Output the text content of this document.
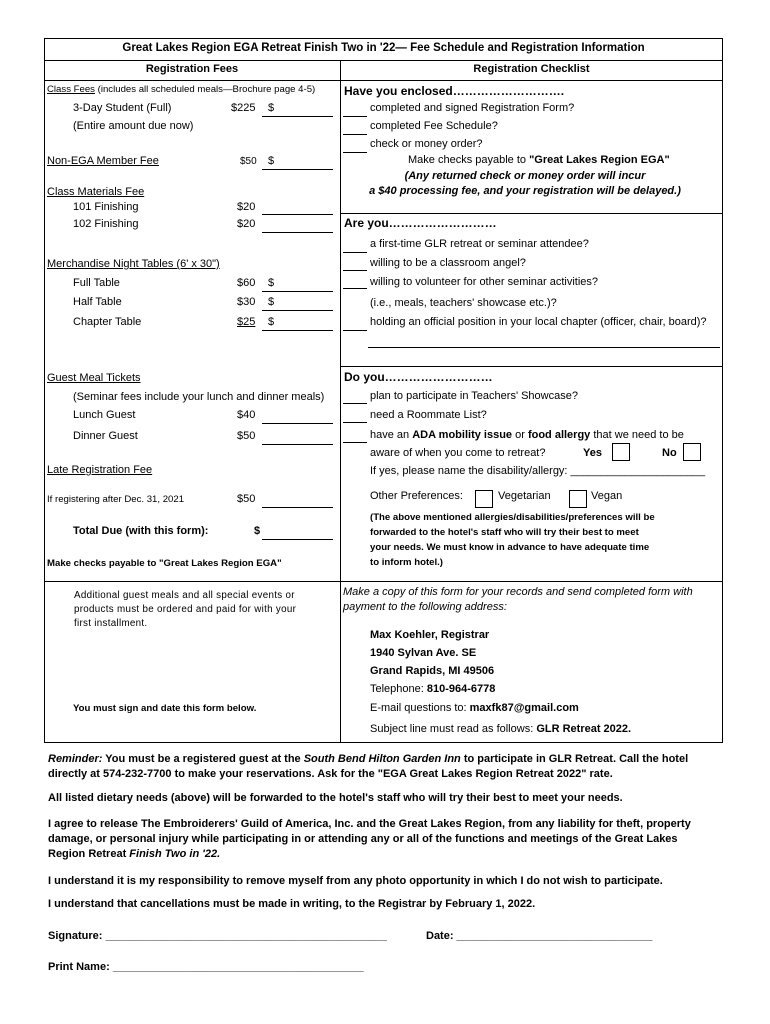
Great Lakes Region EGA Retreat Finish Two in '22— Fee Schedule and Registration Information
Registration Fees	Registration Checklist
Class Fees (includes all scheduled meals—Brochure page 4-5)
3-Day Student (Full)	$225 $
(Entire amount due now)
Non-EGA Member Fee	$50 $
Class Materials Fee
101 Finishing	$20
102 Finishing	$20
Merchandise Night Tables (6' x 30")
Full Table	$60 $
Half Table	$30 $
Chapter Table	$25 $
Guest Meal Tickets
(Seminar fees include your lunch and dinner meals)
Lunch Guest	$40
Dinner Guest	$50
Late Registration Fee
If registering after Dec. 31, 2021	$50
Total Due (with this form):	$
Make checks payable to "Great Lakes Region EGA"
Additional guest meals and all special events or
products must be ordered and paid for with your
first installment.
You must sign and date this form below.
Have you enclosed……………………….
completed and signed Registration Form?
completed Fee Schedule?
check or money order?
Make checks payable to "Great Lakes Region EGA"
(Any returned check or money order will incur
a $40 processing fee, and your registration will be delayed.)
Are you………………………
a first-time GLR retreat or seminar attendee?
willing to be a classroom angel?
willing to volunteer for other seminar activities?
(i.e., meals, teachers' showcase etc.)?
holding an official position in your local chapter (officer, chair, board)?
Do you………………………
plan to participate in Teachers' Showcase?
need a Roommate List?
have an ADA mobility issue or food allergy that we need to be
aware of when you come to retreat?	Yes	No
If yes, please name the disability/allergy: ______________________
Other Preferences:	Vegetarian	Vegan
(The above mentioned allergies/disabilities/preferences will be
forwarded to the hotel's staff who will try their best to meet
your needs. We must know in advance to have adequate time
to inform hotel.)
Make a copy of this form for your records and send completed form with
payment to the following address:
Max Koehler, Registrar
1940 Sylvan Ave. SE
Grand Rapids, MI 49506
Telephone: 810-964-6778
E-mail questions to: maxfk87@gmail.com
Subject line must read as follows: GLR Retreat 2022.
Reminder: You must be a registered guest at the South Bend Hilton Garden Inn to participate in GLR Retreat. Call the hotel
directly at 574-232-7700 to make your reservations. Ask for the "EGA Great Lakes Region Retreat 2022" rate.
All listed dietary needs (above) will be forwarded to the hotel's staff who will try their best to meet your needs.
I agree to release The Embroiderers' Guild of America, Inc. and the Great Lakes Region, from any liability for theft, property
damage, or personal injury while participating in or attending any or all of the functions and meetings of the Great Lakes
Region Retreat Finish Two in '22.
I understand it is my responsibility to remove myself from any photo opportunity in which I do not wish to participate.
I understand that cancellations must be made in writing, to the Registrar by February 1, 2022.
Signature: ______________________________________________	Date: ________________________________
Print Name: _________________________________________
